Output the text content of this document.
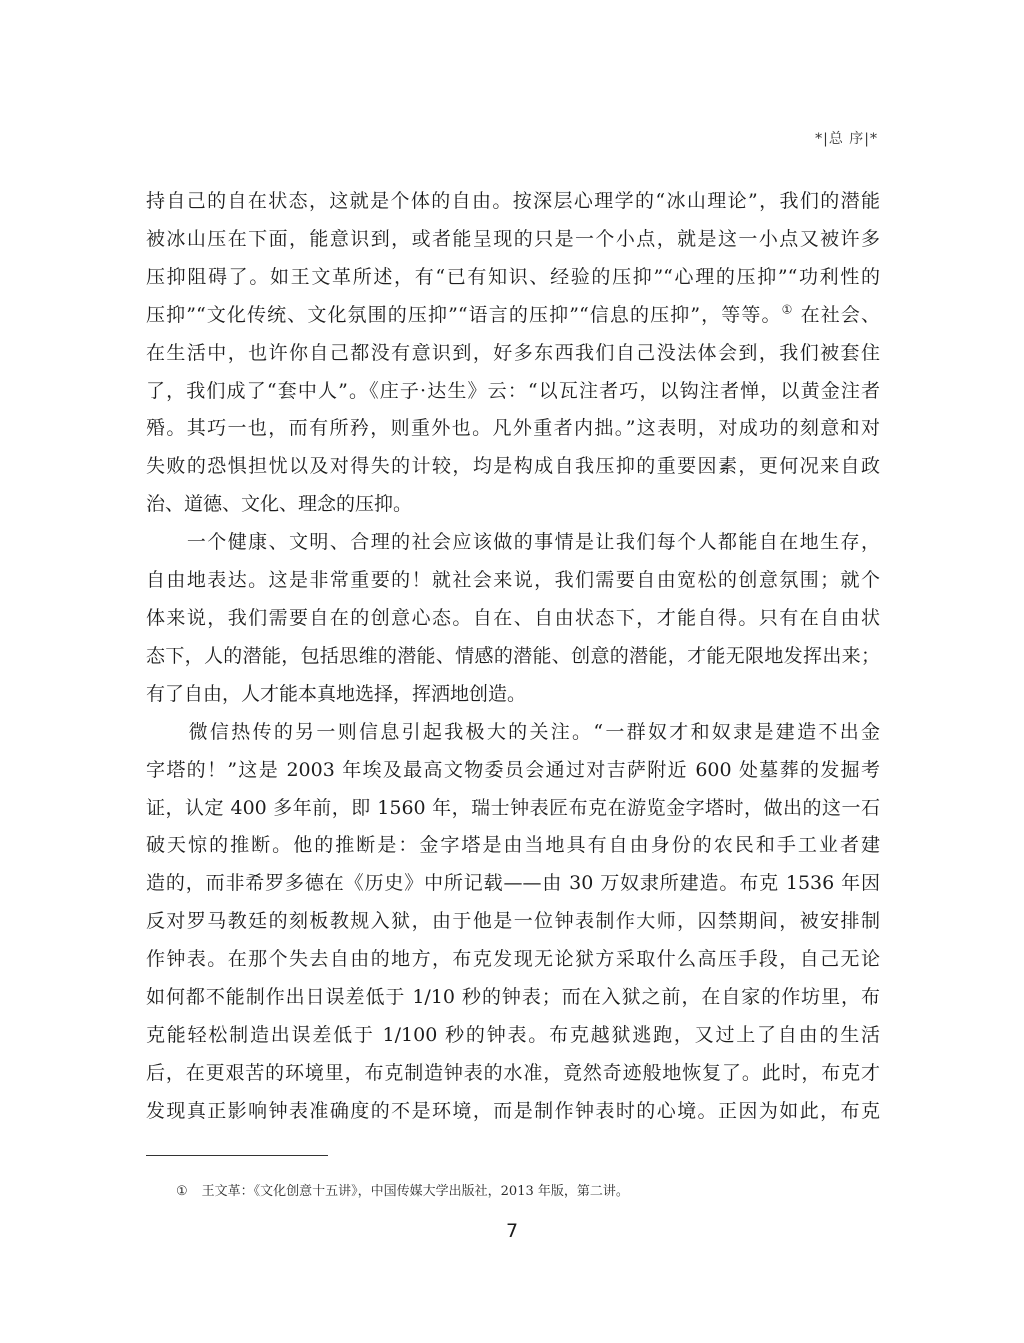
*|总 序|*
持自己的自在状态，这就是个体的自由。按深层心理学的“冰山理论”，我们的潜能
被冰山压在下面，能意识到，或者能呈现的只是一个小点，就是这一小点又被许多
压抑阻碍了。如王文革所述，有“已有知识、经验的压抑”“心理的压抑”“功利性的
压抑”“文化传统、文化氛围的压抑”“语言的压抑”“信息的压抑”，等等。① 在社会、
在生活中，也许你自己都没有意识到，好多东西我们自己没法体会到，我们被套住
了，我们成了“套中人”。《庄子·达生》云：“以瓦注者巧，以钩注者惮，以黄金注者
殙。其巧一也，而有所矜，则重外也。凡外重者内拙。”这表明，对成功的刻意和对
失败的恐惧担忧以及对得失的计较，均是构成自我压抑的重要因素，更何况来自政
治、道德、文化、理念的压抑。
　　一个健康、文明、合理的社会应该做的事情是让我们每个人都能自在地生存，
自由地表达。这是非常重要的！就社会来说，我们需要自由宽松的创意氛围；就个
体来说，我们需要自在的创意心态。自在、自由状态下，才能自得。只有在自由状
态下，人的潜能，包括思维的潜能、情感的潜能、创意的潜能，才能无限地发挥出来；
有了自由，人才能本真地选择，挥洒地创造。
　　微信热传的另一则信息引起我极大的关注。“一群奴才和奴隶是建造不出金
字塔的！”这是 2003 年埃及最高文物委员会通过对吉萨附近 600 处墓葬的发掘考
证，认定 400 多年前，即 1560 年，瑞士钟表匠布克在游览金字塔时，做出的这一石
破天惊的推断。他的推断是：金字塔是由当地具有自由身份的农民和手工业者建
造的，而非希罗多德在《历史》中所记载——由 30 万奴隶所建造。布克 1536 年因
反对罗马教廷的刻板教规入狱，由于他是一位钟表制作大师，囚禁期间，被安排制
作钟表。在那个失去自由的地方，布克发现无论狱方采取什么高压手段，自己无论
如何都不能制作出日误差低于 1/10 秒的钟表；而在入狱之前，在自家的作坊里，布
克能轻松制造出误差低于 1/100 秒的钟表。布克越狱逃跑，又过上了自由的生活
后，在更艰苦的环境里，布克制造钟表的水准，竟然奇迹般地恢复了。此时，布克才
发现真正影响钟表准确度的不是环境，而是制作钟表时的心境。正因为如此，布克
① 王文革：《文化创意十五讲》，中国传媒大学出版社，2013 年版，第二讲。
7
